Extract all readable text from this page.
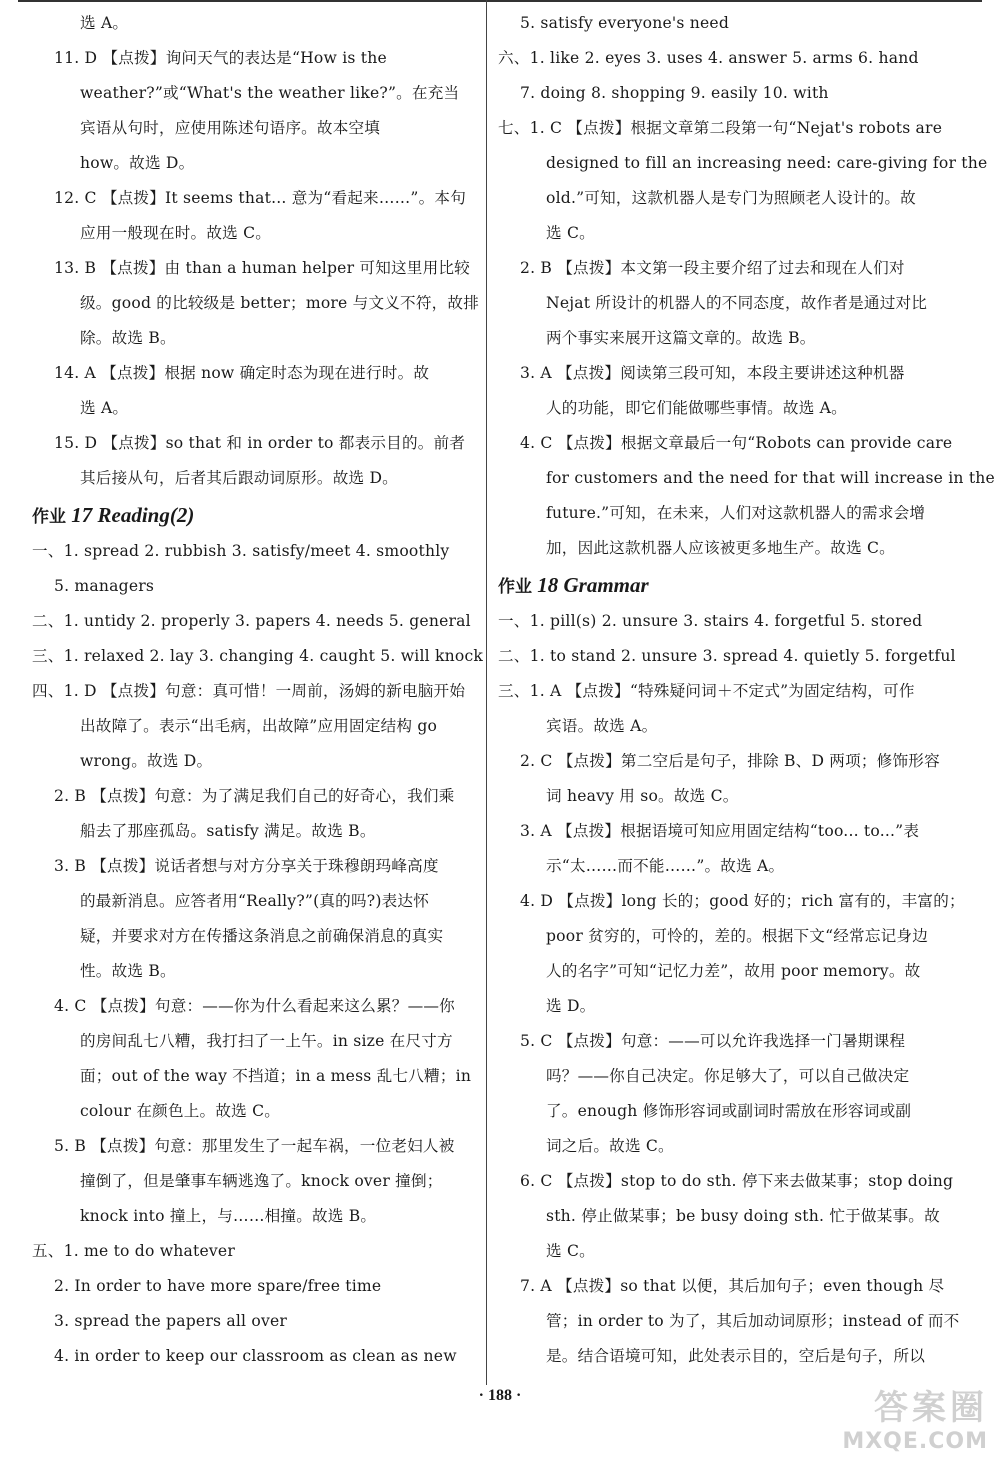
选 A。
11. D 【点拨】询问天气的表达是“How is the
weather?”或“What's the weather like?”。在充当
宾语从句时，应使用陈述句语序。故本空填
how。故选 D。
12. C 【点拨】It seems that... 意为“看起来……”。本句
应用一般现在时。故选 C。
13. B 【点拨】由 than a human helper 可知这里用比较
级。good 的比较级是 better；more 与文义不符，故排
除。故选 B。
14. A 【点拨】根据 now 确定时态为现在进行时。故
选 A。
15. D 【点拨】so that 和 in order to 都表示目的。前者
其后接从句，后者其后跟动词原形。故选 D。
作业 17 Reading(2)
一、1. spread 2. rubbish 3. satisfy/meet 4. smoothly
5. managers
二、1. untidy 2. properly 3. papers 4. needs 5. general
三、1. relaxed 2. lay 3. changing 4. caught 5. will knock
四、1. D 【点拨】句意：真可惜！一周前，汤姆的新电脑开始
出故障了。表示“出毛病，出故障”应用固定结构 go
wrong。故选 D。
2. B 【点拨】句意：为了满足我们自己的好奇心，我们乘
船去了那座孤岛。satisfy 满足。故选 B。
3. B 【点拨】说话者想与对方分享关于珠穆朗玛峰高度
的最新消息。应答者用“Really?”(真的吗?)表达怀
疑，并要求对方在传播这条消息之前确保消息的真实
性。故选 B。
4. C 【点拨】句意：——你为什么看起来这么累？——你
的房间乱七八糟，我打扫了一上午。in size 在尺寸方
面；out of the way 不挡道；in a mess 乱七八糟；in
colour 在颜色上。故选 C。
5. B 【点拨】句意：那里发生了一起车祸，一位老妇人被
撞倒了，但是肇事车辆逃逸了。knock over 撞倒；
knock into 撞上，与……相撞。故选 B。
五、1. me to do whatever
2. In order to have more spare/free time
3. spread the papers all over
4. in order to keep our classroom as clean as new
5. satisfy everyone's need
六、1. like 2. eyes 3. uses 4. answer 5. arms 6. hand
7. doing 8. shopping 9. easily 10. with
七、1. C 【点拨】根据文章第二段第一句“Nejat's robots are
designed to fill an increasing need: care-giving for the
old.”可知，这款机器人是专门为照顾老人设计的。故
选 C。
2. B 【点拨】本文第一段主要介绍了过去和现在人们对
Nejat 所设计的机器人的不同态度，故作者是通过对比
两个事实来展开这篇文章的。故选 B。
3. A 【点拨】阅读第三段可知，本段主要讲述这种机器
人的功能，即它们能做哪些事情。故选 A。
4. C 【点拨】根据文章最后一句“Robots can provide care
for customers and the need for that will increase in the
future.”可知，在未来，人们对这款机器人的需求会增
加，因此这款机器人应该被更多地生产。故选 C。
作业 18 Grammar
一、1. pill(s) 2. unsure 3. stairs 4. forgetful 5. stored
二、1. to stand 2. unsure 3. spread 4. quietly 5. forgetful
三、1. A 【点拨】“特殊疑问词＋不定式”为固定结构，可作
宾语。故选 A。
2. C 【点拨】第二空后是句子，排除 B、D 两项；修饰形容
词 heavy 用 so。故选 C。
3. A 【点拨】根据语境可知应用固定结构“too... to...”表
示“太……而不能……”。故选 A。
4. D 【点拨】long 长的；good 好的；rich 富有的，丰富的；
poor 贫穷的，可怜的，差的。根据下文“经常忘记身边
人的名字”可知“记忆力差”，故用 poor memory。故
选 D。
5. C 【点拨】句意：——可以允许我选择一门暑期课程
吗？——你自己决定。你足够大了，可以自己做决定
了。enough 修饰形容词或副词时需放在形容词或副
词之后。故选 C。
6. C 【点拨】stop to do sth. 停下来去做某事；stop doing
sth. 停止做某事；be busy doing sth. 忙于做某事。故
选 C。
7. A 【点拨】so that 以便，其后加句子；even though 尽
管；in order to 为了，其后加动词原形；instead of 而不
是。结合语境可知，此处表示目的，空后是句子，所以
· 188 ·	答案圈
MXQE.COM
